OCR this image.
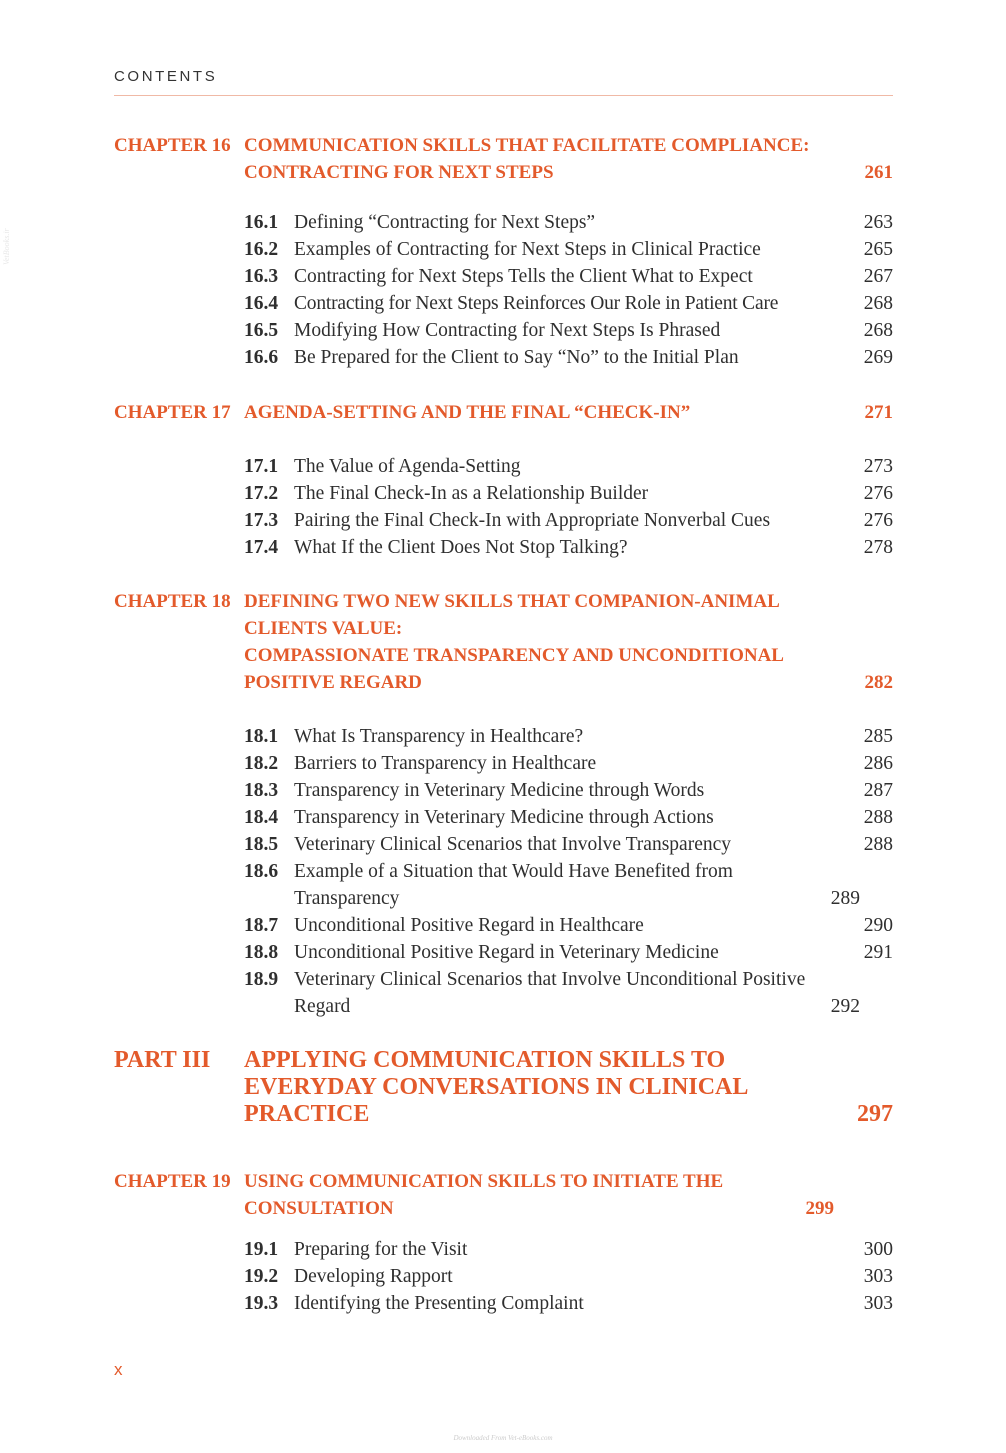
CONTENTS
VetBooks.ir
CHAPTER 16 COMMUNICATION SKILLS THAT FACILITATE COMPLIANCE: CONTRACTING FOR NEXT STEPS	261
16.1 Defining “Contracting for Next Steps”	263
16.2 Examples of Contracting for Next Steps in Clinical Practice	265
16.3 Contracting for Next Steps Tells the Client What to Expect	267
16.4 Contracting for Next Steps Reinforces Our Role in Patient Care	268
16.5 Modifying How Contracting for Next Steps Is Phrased	268
16.6 Be Prepared for the Client to Say “No” to the Initial Plan	269
CHAPTER 17 AGENDA-SETTING AND THE FINAL “CHECK-IN”	271
17.1 The Value of Agenda-Setting	273
17.2 The Final Check-In as a Relationship Builder	276
17.3 Pairing the Final Check-In with Appropriate Nonverbal Cues	276
17.4 What If the Client Does Not Stop Talking?	278
CHAPTER 18 DEFINING TWO NEW SKILLS THAT COMPANION-ANIMAL CLIENTS VALUE:
COMPASSIONATE TRANSPARENCY AND UNCONDITIONAL POSITIVE REGARD	282
18.1 What Is Transparency in Healthcare?	285
18.2 Barriers to Transparency in Healthcare	286
18.3 Transparency in Veterinary Medicine through Words	287
18.4 Transparency in Veterinary Medicine through Actions	288
18.5 Veterinary Clinical Scenarios that Involve Transparency	288
18.6 Example of a Situation that Would Have Benefited from Transparency	289
18.7 Unconditional Positive Regard in Healthcare	290
18.8 Unconditional Positive Regard in Veterinary Medicine	291
18.9 Veterinary Clinical Scenarios that Involve Unconditional Positive Regard	292
PART III	APPLYING COMMUNICATION SKILLS TO EVERYDAY CONVERSATIONS IN CLINICAL PRACTICE	297
CHAPTER 19 USING COMMUNICATION SKILLS TO INITIATE THE CONSULTATION	299
19.1 Preparing for the Visit	300
19.2 Developing Rapport	303
19.3 Identifying the Presenting Complaint	303
x
Downloaded From Vet-eBooks.com
